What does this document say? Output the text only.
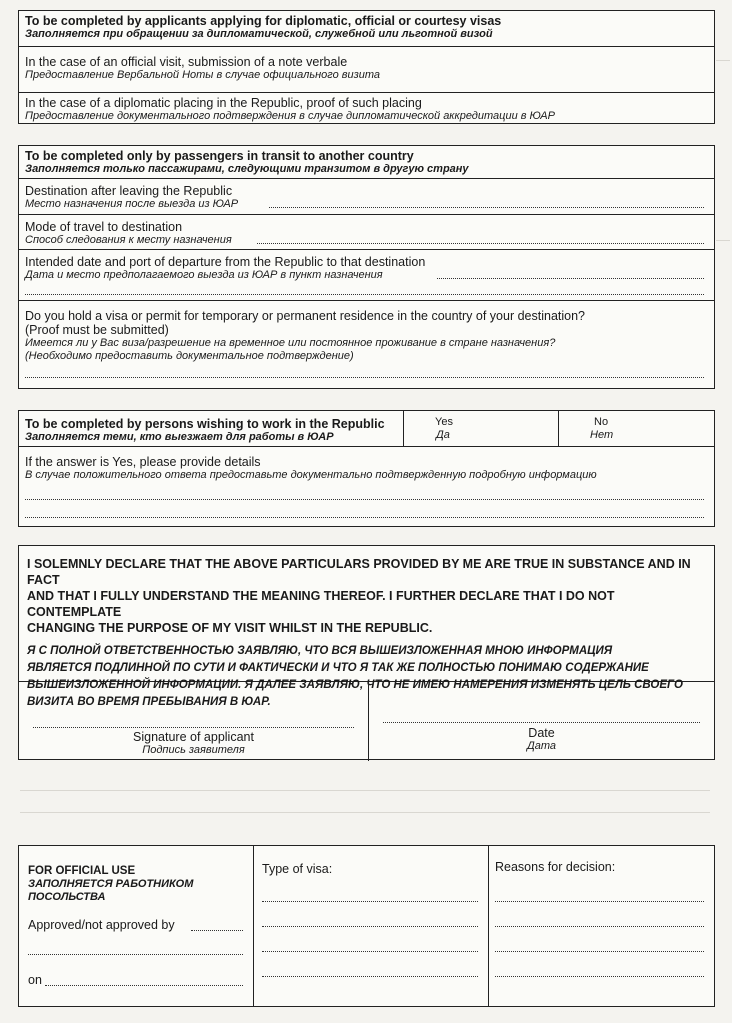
To be completed by applicants applying for diplomatic, official or courtesy visas
Заполняется при обращении за дипломатической, служебной или льготной визой
In the case of an official visit, submission of a note verbale
Предоставление Вербальной Ноты в случае официального визита
In the case of a diplomatic placing in the Republic, proof of such placing
Предоставление документального подтверждения в случае дипломатической аккредитации в ЮАР
To be completed only by passengers in transit to another country
Заполняется только пассажирами, следующими транзитом в другую страну
Destination after leaving the Republic
Место назначения после выезда из ЮАР
Mode of travel to destination
Способ следования к месту назначения
Intended date and port of departure from the Republic to that destination
Дата и место предполагаемого выезда из ЮАР в пункт назначения
Do you hold a visa or permit for temporary or permanent residence in the country of your destination?
(Proof must be submitted)
Имеется ли у Вас виза/разрешение на временное или постоянное проживание в стране назначения?
(Необходимо предоставить документальное подтверждение)
To be completed by persons wishing to work in the Republic
Заполняется теми, кто выезжает для работы в ЮАР
Yes
Да
No
Нет
If the answer is Yes, please provide details
В случае положительного ответа предоставьте документально подтвержденную подробную информацию
I SOLEMNLY DECLARE THAT THE ABOVE PARTICULARS PROVIDED BY ME ARE TRUE IN SUBSTANCE AND IN FACT
AND THAT I FULLY UNDERSTAND THE MEANING THEREOF. I FURTHER DECLARE THAT I DO NOT CONTEMPLATE
CHANGING THE PURPOSE OF MY VISIT WHILST IN THE REPUBLIC.
Я С ПОЛНОЙ ОТВЕТСТВЕННОСТЬЮ ЗАЯВЛЯЮ, ЧТО ВСЯ ВЫШЕИЗЛОЖЕННАЯ МНОЮ ИНФОРМАЦИЯ
ЯВЛЯЕТСЯ ПОДЛИННОЙ ПО СУТИ И ФАКТИЧЕСКИ И ЧТО Я ТАК ЖЕ ПОЛНОСТЬЮ ПОНИМАЮ СОДЕРЖАНИЕ
ВЫШЕИЗЛОЖЕННОЙ ИНФОРМАЦИИ. Я ДАЛЕЕ ЗАЯВЛЯЮ, ЧТО НЕ ИМЕЮ НАМЕРЕНИЯ ИЗМЕНЯТЬ ЦЕЛЬ СВОЕГО
ВИЗИТА ВО ВРЕМЯ ПРЕБЫВАНИЯ В ЮАР.
Signature of applicant
Подпись заявителя
Date
Дата
FOR OFFICIAL USE
ЗАПОЛНЯЕТСЯ РАБОТНИКОМ
ПОСОЛЬСТВА
Approved/not approved by
on
Type of visa:	Reasons for decision:
